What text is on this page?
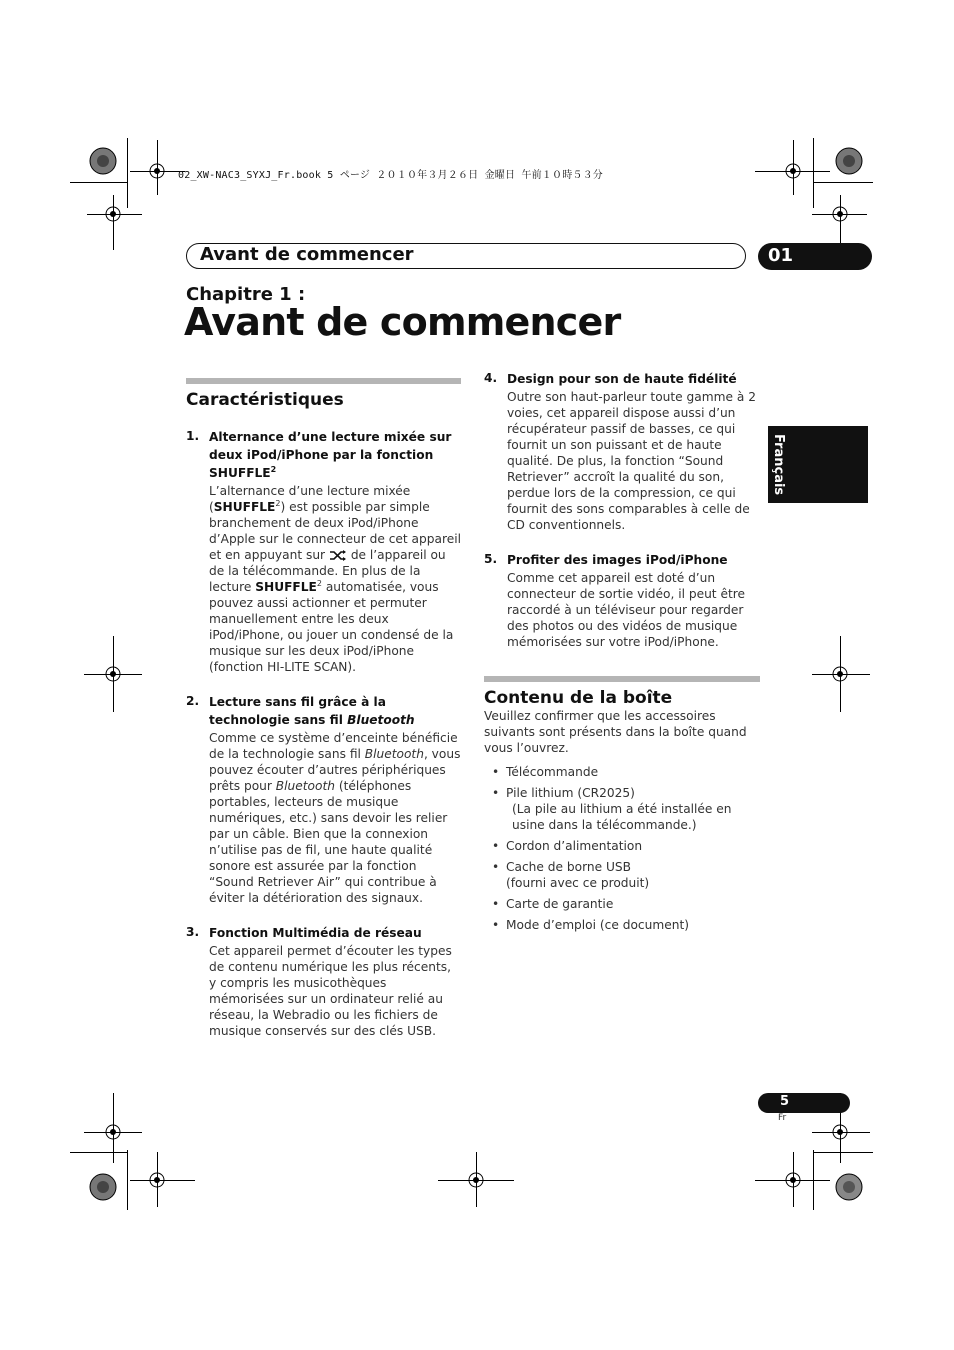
02_XW-NAC3_SYXJ_Fr.book 5 ページ ２０１０年３月２６日 金曜日 午前１０時５３分
Avant de commencer	01
Chapitre 1 :
Avant de commencer
Français
Caractéristiques
1. Alternance d’une lecture mixée sur deux iPod/iPhone par la fonction SHUFFLE$^2$
L’alternance d’une lecture mixée (SHUFFLE$^2$) est possible par simple branchement de deux iPod/iPhone d’Apple sur le connecteur de cet appareil et en appuyant sur de l’appareil ou de la télécommande. En plus de la lecture SHUFFLE$^2$ automatisée, vous pouvez aussi actionner et permuter manuellement entre les deux iPod/iPhone, ou jouer un condensé de la musique sur les deux iPod/iPhone (fonction HI-LITE SCAN).
2. Lecture sans fil grâce à la technologie sans fil Bluetooth
Comme ce système d’enceinte bénéficie de la technologie sans fil Bluetooth, vous pouvez écouter d’autres périphériques prêts pour Bluetooth (téléphones portables, lecteurs de musique numériques, etc.) sans devoir les relier par un câble. Bien que la connexion n’utilise pas de fil, une haute qualité sonore est assurée par la fonction “Sound Retriever Air” qui contribue à éviter la détérioration des signaux.
3. Fonction Multimédia de réseau
Cet appareil permet d’écouter les types de contenu numérique les plus récents, y compris les musicothèques mémorisées sur un ordinateur relié au réseau, la Webradio ou les fichiers de musique conservés sur des clés USB.
4. Design pour son de haute fidélité
Outre son haut-parleur toute gamme à 2 voies, cet appareil dispose aussi d’un récupérateur passif de basses, ce qui fournit un son puissant et de haute qualité. De plus, la fonction “Sound Retriever” accroît la qualité du son, perdue lors de la compression, ce qui fournit des sons comparables à celle de CD conventionnels.
5. Profiter des images iPod/iPhone
Comme cet appareil est doté d’un connecteur de sortie vidéo, il peut être raccordé à un téléviseur pour regarder des photos ou des vidéos de musique mémorisées sur votre iPod/iPhone.
Contenu de la boîte
Veuillez confirmer que les accessoires suivants sont présents dans la boîte quand vous l’ouvrez.
• Télécommande
• Pile lithium (CR2025)
(La pile au lithium a été installée en usine dans la télécommande.)
• Cordon d’alimentation
• Cache de borne USB
(fourni avec ce produit)
• Carte de garantie
• Mode d’emploi (ce document)
5
Fr
